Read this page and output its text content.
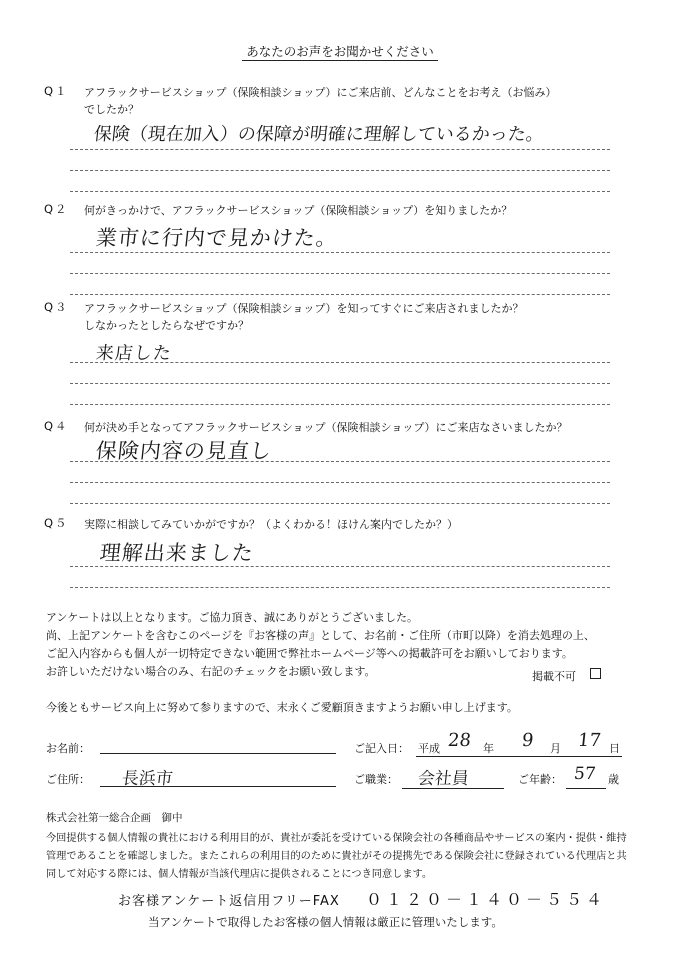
あなたのお声をお聞かせください
Q１ アフラックサービスショップ（保険相談ショップ）にご来店前、どんなことをお考え（お悩み）
でしたか？
保険（現在加入）の保障が明確に理解しているかった。
Q２ 何がきっかけで、アフラックサービスショップ（保険相談ショップ）を知りましたか？
業市に行内で見かけた。
Q３ アフラックサービスショップ（保険相談ショップ）を知ってすぐにご来店されましたか？
しなかったとしたらなぜですか？
来店した
Q４ 何が決め手となってアフラックサービスショップ（保険相談ショップ）にご来店なさいましたか？
保険内容の見直し
Q５ 実際に相談してみていかがですか？（よくわかる！ほけん案内でしたか？）
理解出来ました
アンケートは以上となります。ご協力頂き、誠にありがとうございました。
尚、上記アンケートを含むこのページを『お客様の声』として、お名前・ご住所（市町以降）を消去処理の上、
ご記入内容からも個人が一切特定できない範囲で弊社ホームページ等への掲載許可をお願いしております。
お許しいただけない場合のみ、右記のチェックをお願い致します。	掲載不可
今後ともサービス向上に努めて参りますので、末永くご愛顧頂きますようお願い申し上げます。
お名前：	ご記入日： 平成 28 年 9 月 17 日
ご住所： 長浜市	ご職業： 会社員	ご年齢： 57 歳
株式会社第一総合企画　御中
今回提供する個人情報の貴社における利用目的が、貴社が委託を受けている保険会社の各種商品やサービスの案内・提供・維持
管理であることを確認しました。またこれらの利用目的のために貴社がその提携先である保険会社に登録されている代理店と共
同して対応する際には、個人情報が当該代理店に提供されることにつき同意します。
お客様アンケート返信用フリーFAX ０１２０－１４０－５５４
当アンケートで取得したお客様の個人情報は厳正に管理いたします。
